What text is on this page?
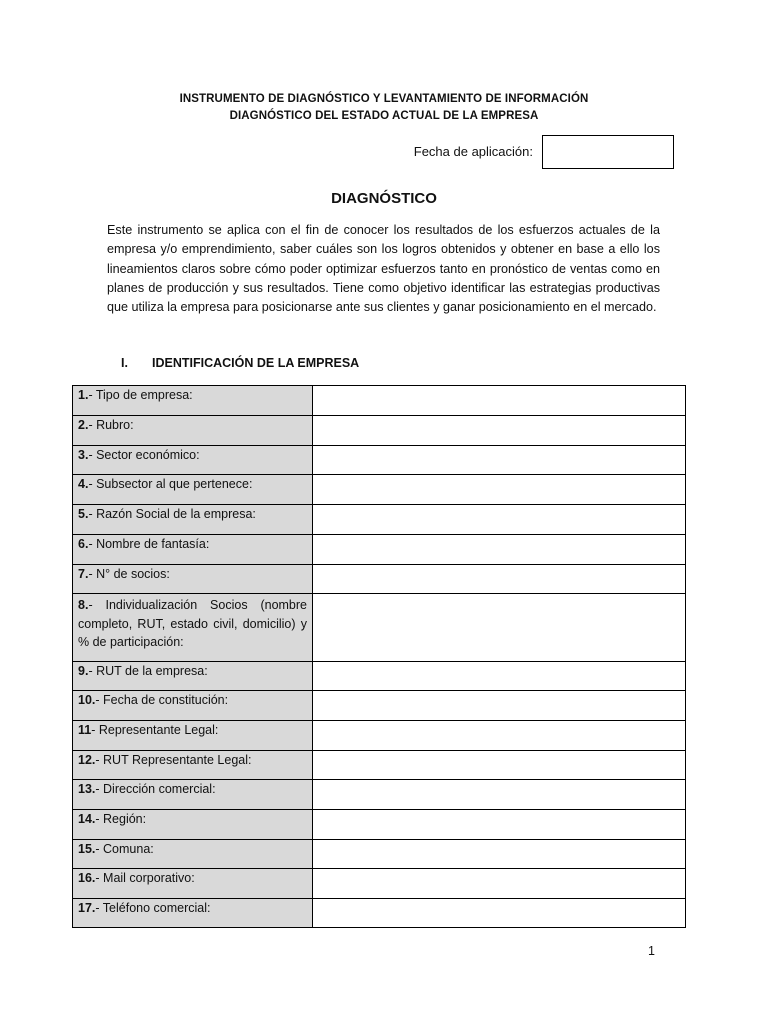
INSTRUMENTO DE DIAGNÓSTICO Y LEVANTAMIENTO DE INFORMACIÓN
DIAGNÓSTICO DEL ESTADO ACTUAL DE LA EMPRESA
Fecha de aplicación:
DIAGNÓSTICO
Este instrumento se aplica con el fin de conocer los resultados de los esfuerzos actuales de la empresa y/o emprendimiento, saber cuáles son los logros obtenidos y obtener en base a ello los lineamientos claros sobre cómo poder optimizar esfuerzos tanto en pronóstico de ventas como en planes de producción y sus resultados. Tiene como objetivo identificar las estrategias productivas que utiliza la empresa para posicionarse ante sus clientes y ganar posicionamiento en el mercado.
I. IDENTIFICACIÓN DE LA EMPRESA
1.- Tipo de empresa:	
2.- Rubro:	
3.- Sector económico:	
4.- Subsector al que pertenece:	
5.- Razón Social de la empresa:	
6.- Nombre de fantasía:	
7.- N° de socios:	
8.- Individualización Socios (nombre completo, RUT, estado civil, domicilio) y % de participación:	
9.- RUT de la empresa:	
10.- Fecha de constitución:	
11- Representante Legal:	
12.- RUT Representante Legal:	
13.- Dirección comercial:	
14.- Región:	
15.- Comuna:	
16.- Mail corporativo:	
17.- Teléfono comercial:	
1
